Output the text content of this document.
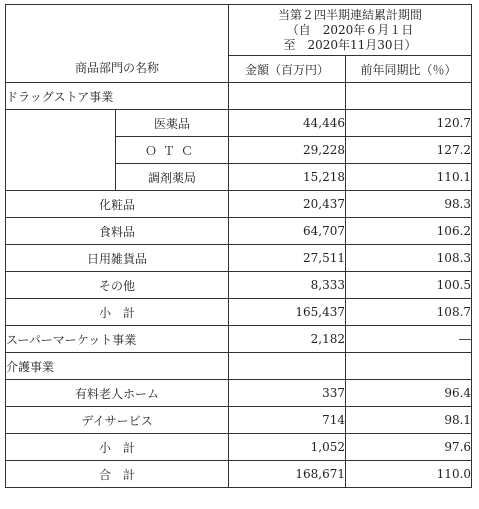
商品部門の名称		当第２四半期連結累計期間
（自　2020年６月１日
至　2020年11月30日）	

		金額（百万円）	前年同期比（％）
ドラッグストア事業			
	医薬品	44,446	120.7
	ＯＴＣ	29,228	127.2
	調剤薬局	15,218	110.1
化粧品		20,437	98.3
食料品		64,707	106.2
日用雑貨品		27,511	108.3
その他		8,333	100.5
小　計		165,437	108.7
スーパーマーケット事業		2,182	―
介護事業			
有料老人ホーム		337	96.4
デイサービス		714	98.1
小　計		1,052	97.6
合　計		168,671	110.0
